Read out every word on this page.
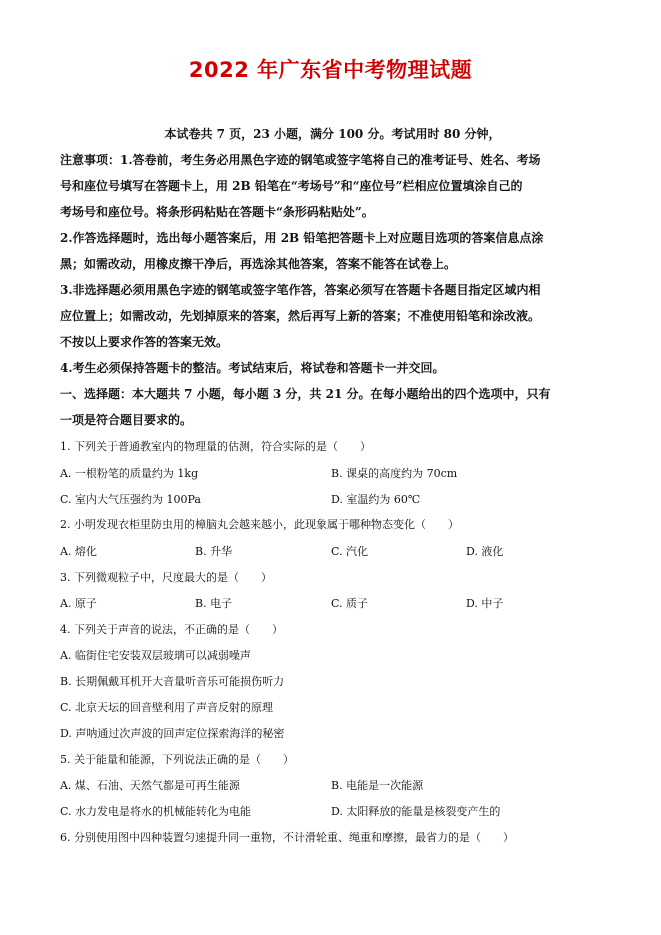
2022 年广东省中考物理试题
本试卷共 7 页，23 小题，满分 100 分。考试用时 80 分钟，
注意事项：1.答卷前，考生务必用黑色字迹的钢笔或签字笔将自己的准考证号、姓名、考场
号和座位号填写在答题卡上，用 2B 铅笔在“考场号”和“座位号”栏相应位置填涂自己的
考场号和座位号。将条形码粘贴在答题卡“条形码粘贴处”。
2.作答选择题时，选出每小题答案后，用 2B 铅笔把答题卡上对应题目选项的答案信息点涂
黑；如需改动，用橡皮擦干净后，再选涂其他答案，答案不能答在试卷上。
3.非选择题必须用黑色字迹的钢笔或签字笔作答，答案必须写在答题卡各题目指定区域内相
应位置上；如需改动，先划掉原来的答案，然后再写上新的答案；不准使用铅笔和涂改液。
不按以上要求作答的答案无效。
4.考生必须保持答题卡的整洁。考试结束后，将试卷和答题卡一并交回。
一、选择题：本大题共 7 小题，每小题 3 分，共 21 分。在每小题给出的四个选项中，只有
一项是符合题目要求的。
1. 下列关于普通教室内的物理量的估测，符合实际的是（　　）
A. 一根粉笔的质量约为 1kg	B. 课桌的高度约为 70cm
C. 室内大气压强约为 100Pa	D. 室温约为 60℃
2. 小明发现衣柜里防虫用的樟脑丸会越来越小，此现象属于哪种物态变化（　　）
A. 熔化	B. 升华	C. 汽化	D. 液化
3. 下列微观粒子中，尺度最大的是（　　）
A. 原子	B. 电子	C. 质子	D. 中子
4. 下列关于声音的说法，不正确的是（　　）
A. 临街住宅安装双层玻璃可以减弱噪声
B. 长期佩戴耳机开大音量听音乐可能损伤听力
C. 北京天坛的回音壁利用了声音反射的原理
D. 声呐通过次声波的回声定位探索海洋的秘密
5. 关于能量和能源，下列说法正确的是（　　）
A. 煤、石油、天然气都是可再生能源	B. 电能是一次能源
C. 水力发电是将水的机械能转化为电能	D. 太阳释放的能量是核裂变产生的
6. 分别使用图中四种装置匀速提升同一重物，不计滑轮重、绳重和摩擦，最省力的是（　　）
